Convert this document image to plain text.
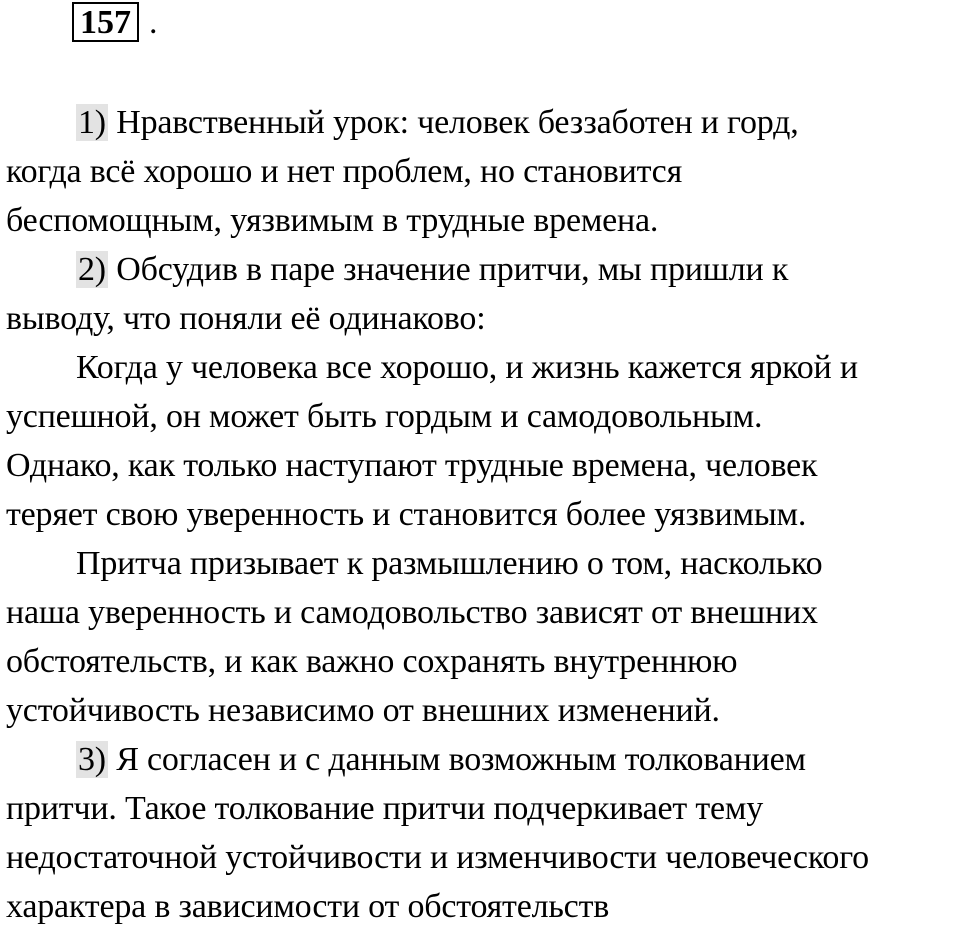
157 .
1) Нравственный урок: человек беззаботен и горд,
когда всё хорошо и нет проблем, но становится
беспомощным, уязвимым в трудные времена.
2) Обсудив в паре значение притчи, мы пришли к
выводу, что поняли её одинаково:
Когда у человека все хорошо, и жизнь кажется яркой и
успешной, он может быть гордым и самодовольным.
Однако, как только наступают трудные времена, человек
теряет свою уверенность и становится более уязвимым.
Притча призывает к размышлению о том, насколько
наша уверенность и самодовольство зависят от внешних
обстоятельств, и как важно сохранять внутреннюю
устойчивость независимо от внешних изменений.
3) Я согласен и с данным возможным толкованием
притчи. Такое толкование притчи подчеркивает тему
недостаточной устойчивости и изменчивости человеческого
характера в зависимости от обстоятельств
